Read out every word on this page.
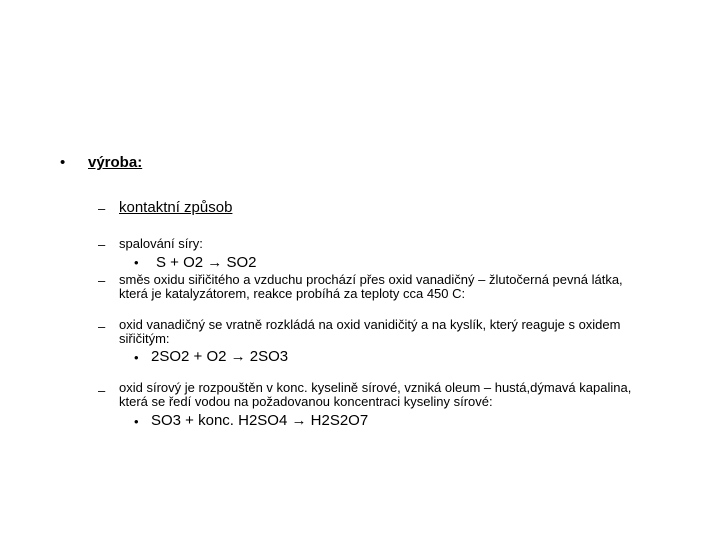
• výroba:
– kontaktní způsob
– spalování síry:
• S + O2 → SO2
– směs oxidu siřičitého a vzduchu prochází přes oxid vanadičný – žlutočerná pevná látka, která je katalyzátorem, reakce probíhá za teploty cca 450 C:
– oxid vanadičný se vratně rozkládá na oxid vanidičitý a na kyslík, který reaguje s oxidem siřičitým:
• 2SO2 + O2 → 2SO3
– oxid sírový je rozpouštěn v konc. kyselině sírové, vzniká oleum – hustá,dýmavá kapalina, která se ředí vodou na požadovanou koncentraci kyseliny sírové:
• SO3 + konc. H2SO4 → H2S2O7
